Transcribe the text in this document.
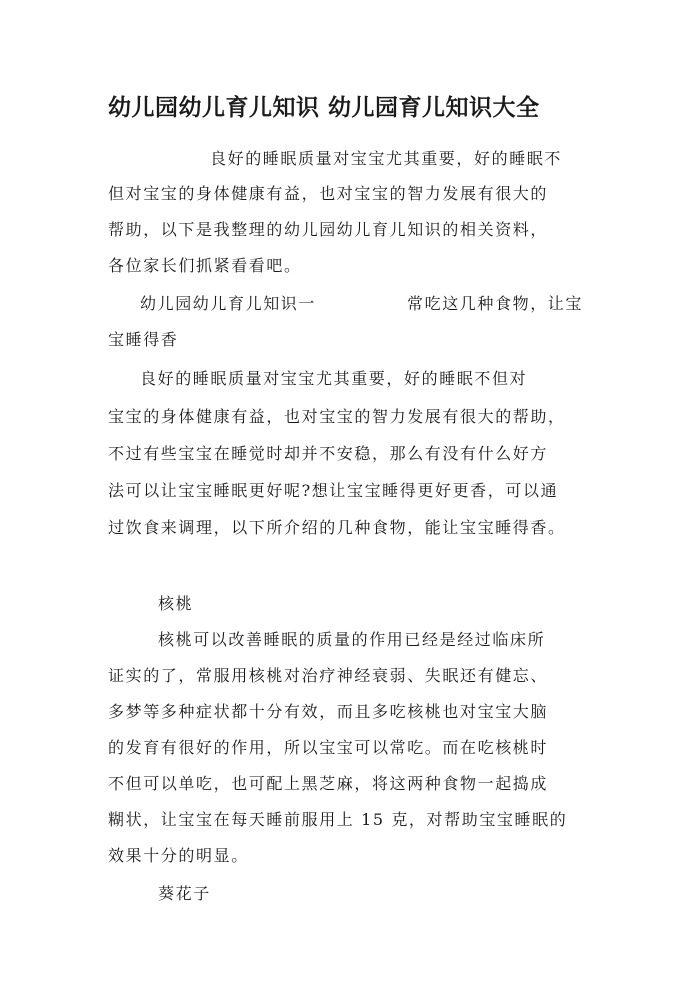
幼儿园幼儿育儿知识 幼儿园育儿知识大全
良好的睡眠质量对宝宝尤其重要，好的睡眠不
但对宝宝的身体健康有益，也对宝宝的智力发展有很大的
帮助，以下是我整理的幼儿园幼儿育儿知识的相关资料，
各位家长们抓紧看看吧。
幼儿园幼儿育儿知识一	常吃这几种食物，让宝
宝睡得香
良好的睡眠质量对宝宝尤其重要，好的睡眠不但对
宝宝的身体健康有益，也对宝宝的智力发展有很大的帮助，
不过有些宝宝在睡觉时却并不安稳，那么有没有什么好方
法可以让宝宝睡眠更好呢?想让宝宝睡得更好更香，可以通
过饮食来调理，以下所介绍的几种食物，能让宝宝睡得香。
核桃
核桃可以改善睡眠的质量的作用已经是经过临床所
证实的了，常服用核桃对治疗神经衰弱、失眠还有健忘、
多梦等多种症状都十分有效，而且多吃核桃也对宝宝大脑
的发育有很好的作用，所以宝宝可以常吃。而在吃核桃时
不但可以单吃，也可配上黑芝麻，将这两种食物一起捣成
糊状，让宝宝在每天睡前服用上 15 克，对帮助宝宝睡眠的
效果十分的明显。
葵花子
